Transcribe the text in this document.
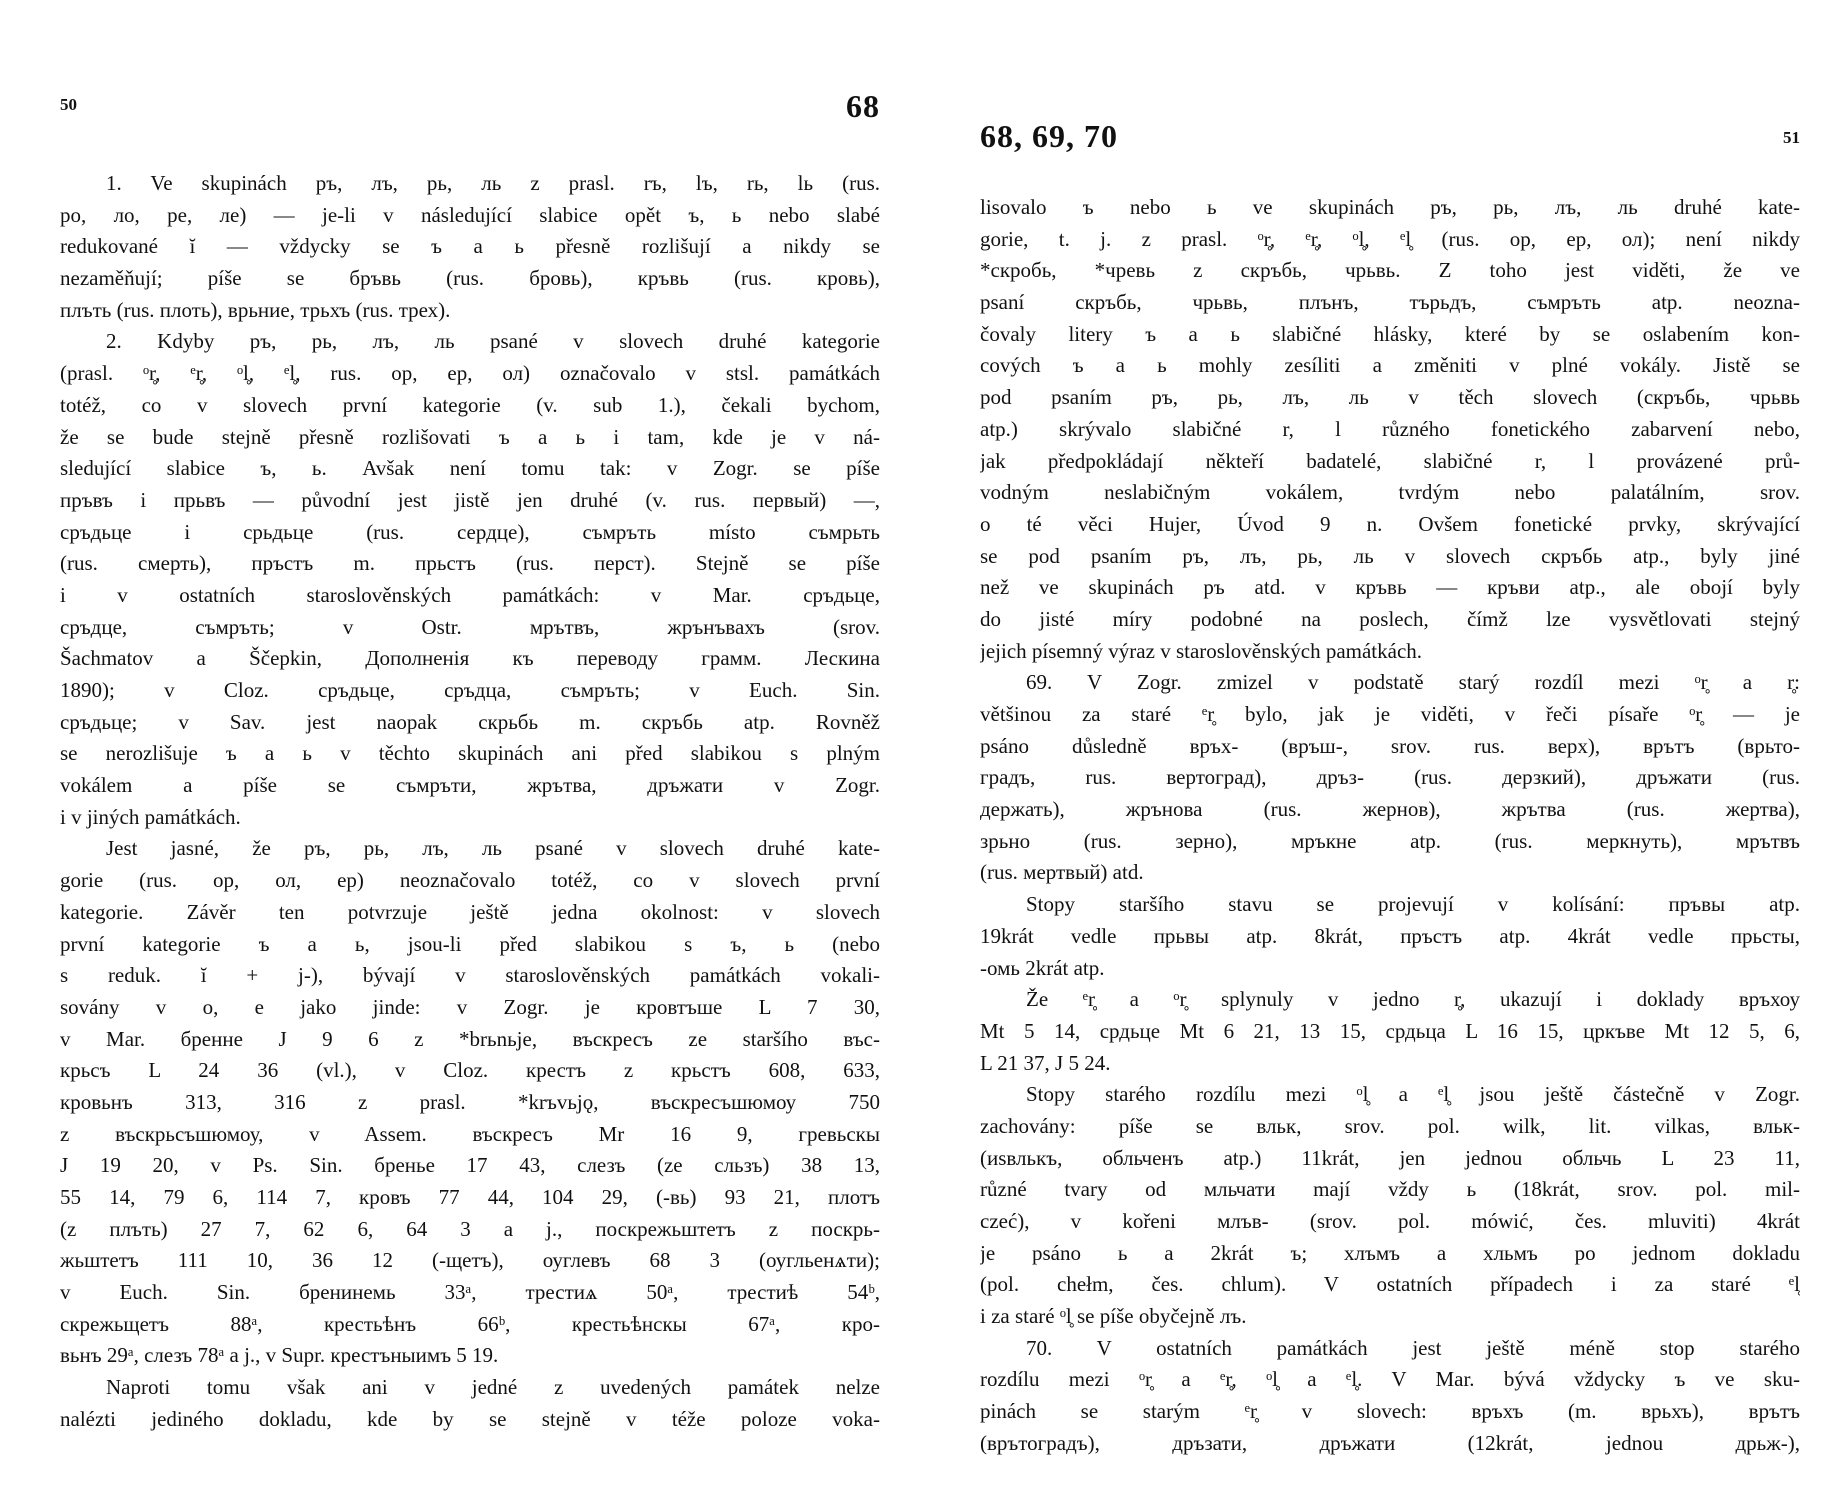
50	68
1. Ve skupinách ръ, лъ, рь, ль z prasl. rъ, lъ, rь, lь (rus.
ро, ло, ре, ле) — je-li v následující slabice opět ъ, ь nebo slabé
redukované ĭ — vždycky se ъ a ь přesně rozlišují a nikdy se
nezaměňují; píše se бръвь (rus. бровь), кръвь (rus. кровь),
плъть (rus. плоть), врьние, трьхъ (rus. трех).
2. Kdyby ръ, рь, лъ, ль psané v slovech druhé kategorie
(prasl. ᵒr̥, ᵉr̥, ᵒl̥, ᵉl̥, rus. ор, ер, ол) označovalo v stsl. památkách
totéž, co v slovech první kategorie (v. sub 1.), čekali bychom,
že se bude stejně přesně rozlišovati ъ a ь i tam, kde je v ná-
sledující slabice ъ, ь. Avšak není tomu tak: v Zogr. se píše
пръвъ i прьвъ — původní jest jistě jen druhé (v. rus. первый) —,
сръдьце i срьдьце (rus. сердце), съмръть místo съмрьть
(rus. смерть), пръстъ m. прьстъ (rus. перст). Stejně se píše
i v ostatních staroslověnských památkách: v Mar. сръдьце,
сръдце, съмръть; v Ostr. мрътвъ, жрънъвахъ (srov.
Šachmatov a Ščepkin, Дополненія къ переводу грамм. Лескина
1890); v Cloz. сръдьце, сръдца, съмръть; v Euch. Sin.
сръдьце; v Sav. jest naopak скрьбь m. скръбь atp. Rovněž
se nerozlišuje ъ a ь v těchto skupinách ani před slabikou s plným
vokálem a píše se съмръти, жрътва, дръжати v Zogr.
i v jiných památkách.
Jest jasné, že ръ, рь, лъ, ль psané v slovech druhé kate-
gorie (rus. ор, ол, ер) neoznačovalo totéž, co v slovech první
kategorie. Závěr ten potvrzuje ještě jedna okolnost: v slovech
první kategorie ъ a ь, jsou-li před slabikou s ъ, ь (nebo
s reduk. ĭ + j-), bývají v staroslověnských památkách vokali-
sovány v o, e jako jinde: v Zogr. je кровтъше L 7 30,
v Mar. бренне J 9 6 z *brьnьje, въскресъ ze staršího въс-
крьсъ L 24 36 (vl.), v Cloz. крестъ z крьстъ 608, 633,
кровьнъ 313, 316 z prasl. *krъvьjǫ, въскресъшюмоу 750
z въскрьсъшюмоу, v Assem. въскресъ Mr 16 9, гревьскы
J 19 20, v Ps. Sin. бренье 17 43, слезъ (ze сльзъ) 38 13,
55 14, 79 6, 114 7, кровъ 77 44, 104 29, (-вь) 93 21, плотъ
(z плъть) 27 7, 62 6, 64 3 a j., поскрежьштетъ z поскрь-
жьштетъ 111 10, 36 12 (-щетъ), оуглевъ 68 3 (оугльенѧти);
v Euch. Sin. бренинемь 33ᵃ, трестиѧ 50ᵃ, трестиѣ 54ᵇ,
скрежьщетъ 88ᵃ, крестьѣнъ 66ᵇ, крестьѣнскы 67ᵃ, кро-
вьнъ 29ᵃ, слезъ 78ᵃ a j., v Supr. крестъныимъ 5 19.
Naproti tomu však ani v jedné z uvedených památek nelze
nalézti jediného dokladu, kde by se stejně v téže poloze voka-
68, 69, 70	51
lisovalo ъ nebo ь ve skupinách ръ, рь, лъ, ль druhé kate-
gorie, t. j. z prasl. ᵒr̥, ᵉr̥, ᵒl̥, ᵉl̥ (rus. ор, ер, ол); není nikdy
*скробь, *чревь z скръбь, чрьвь. Z toho jest viděti, že ve
psaní скръбь, чрьвь, плънъ, търьдъ, съмръть atp. neozna-
čovaly litery ъ a ь slabičné hlásky, které by se oslabením kon-
cových ъ a ь mohly zesíliti a změniti v plné vokály. Jistě se
pod psaním ръ, рь, лъ, ль v těch slovech (скръбь, чрьвь
atp.) skrývalo slabičné r, l různého fonetického zabarvení nebo,
jak předpokládají někteří badatelé, slabičné r, l provázené prů-
vodným neslabičným vokálem, tvrdým nebo palatálním, srov.
o té věci Hujer, Úvod 9 n. Ovšem fonetické prvky, skrývající
se pod psaním ръ, лъ, рь, ль v slovech скръбь atp., byly jiné
než ve skupinách ръ atd. v кръвь — кръви atp., ale obojí byly
do jisté míry podobné na poslech, čímž lze vysvětlovati stejný
jejich písemný výraz v staroslověnských památkách.
69. V Zogr. zmizel v podstatě starý rozdíl mezi ᵒr̥ a r̥:
většinou za staré ᵉr̥ bylo, jak je viděti, v řeči písaře ᵒr̥ — je
psáno důsledně връх- (връш-, srov. rus. верх), врътъ (врьто-
градъ, rus. вертоград), дръз- (rus. дерзкий), дръжати (rus.
держать), жрънова (rus. жернов), жрътва (rus. жертва),
зрьно (rus. зерно), мръкне atp. (rus. меркнуть), мрътвъ
(rus. мертвый) atd.
Stopy staršího stavu se projevují v kolísání: пръвы atp.
19krát vedle прьвы atp. 8krát, пръстъ atp. 4krát vedle прьсты,
-омь 2krát atp.
Že ᵉr̥ a ᵒr̥ splynuly v jedno r̥, ukazují i doklady връхоу
Mt 5 14, срдьце Mt 6 21, 13 15, срдьца L 16 15, цркъве Mt 12 5, 6,
L 21 37, J 5 24.
Stopy starého rozdílu mezi ᵒl̥ a ᵉl̥ jsou ještě částečně v Zogr.
zachovány: píše se вльк, srov. pol. wilk, lit. vilkas, вльк-
(иѕвлькъ, обльченъ atp.) 11krát, jen jednou обльчь L 23 11,
různé tvary od мльчати mají vždy ь (18krát, srov. pol. mil-
czeć), v kořeni млъв- (srov. pol. mówić, čes. mluviti) 4krát
je psáno ь a 2krát ъ; хлъмъ a хльмъ po jednom dokladu
(pol. chełm, čes. chlum). V ostatních případech i za staré ᵉl̥
i za staré ᵒl̥ se píše obyčejně лъ.
70. V ostatních památkách jest ještě méně stop starého
rozdílu mezi ᵒr̥ a ᵉr̥, ᵒl̥ a ᵉl̥. V Mar. bývá vždycky ъ ve sku-
pinách se starým ᵉr̥ v slovech: връхъ (m. врьхъ), врътъ
(врътоградъ), дръзати, дръжати (12krát, jednou дрьж-),
